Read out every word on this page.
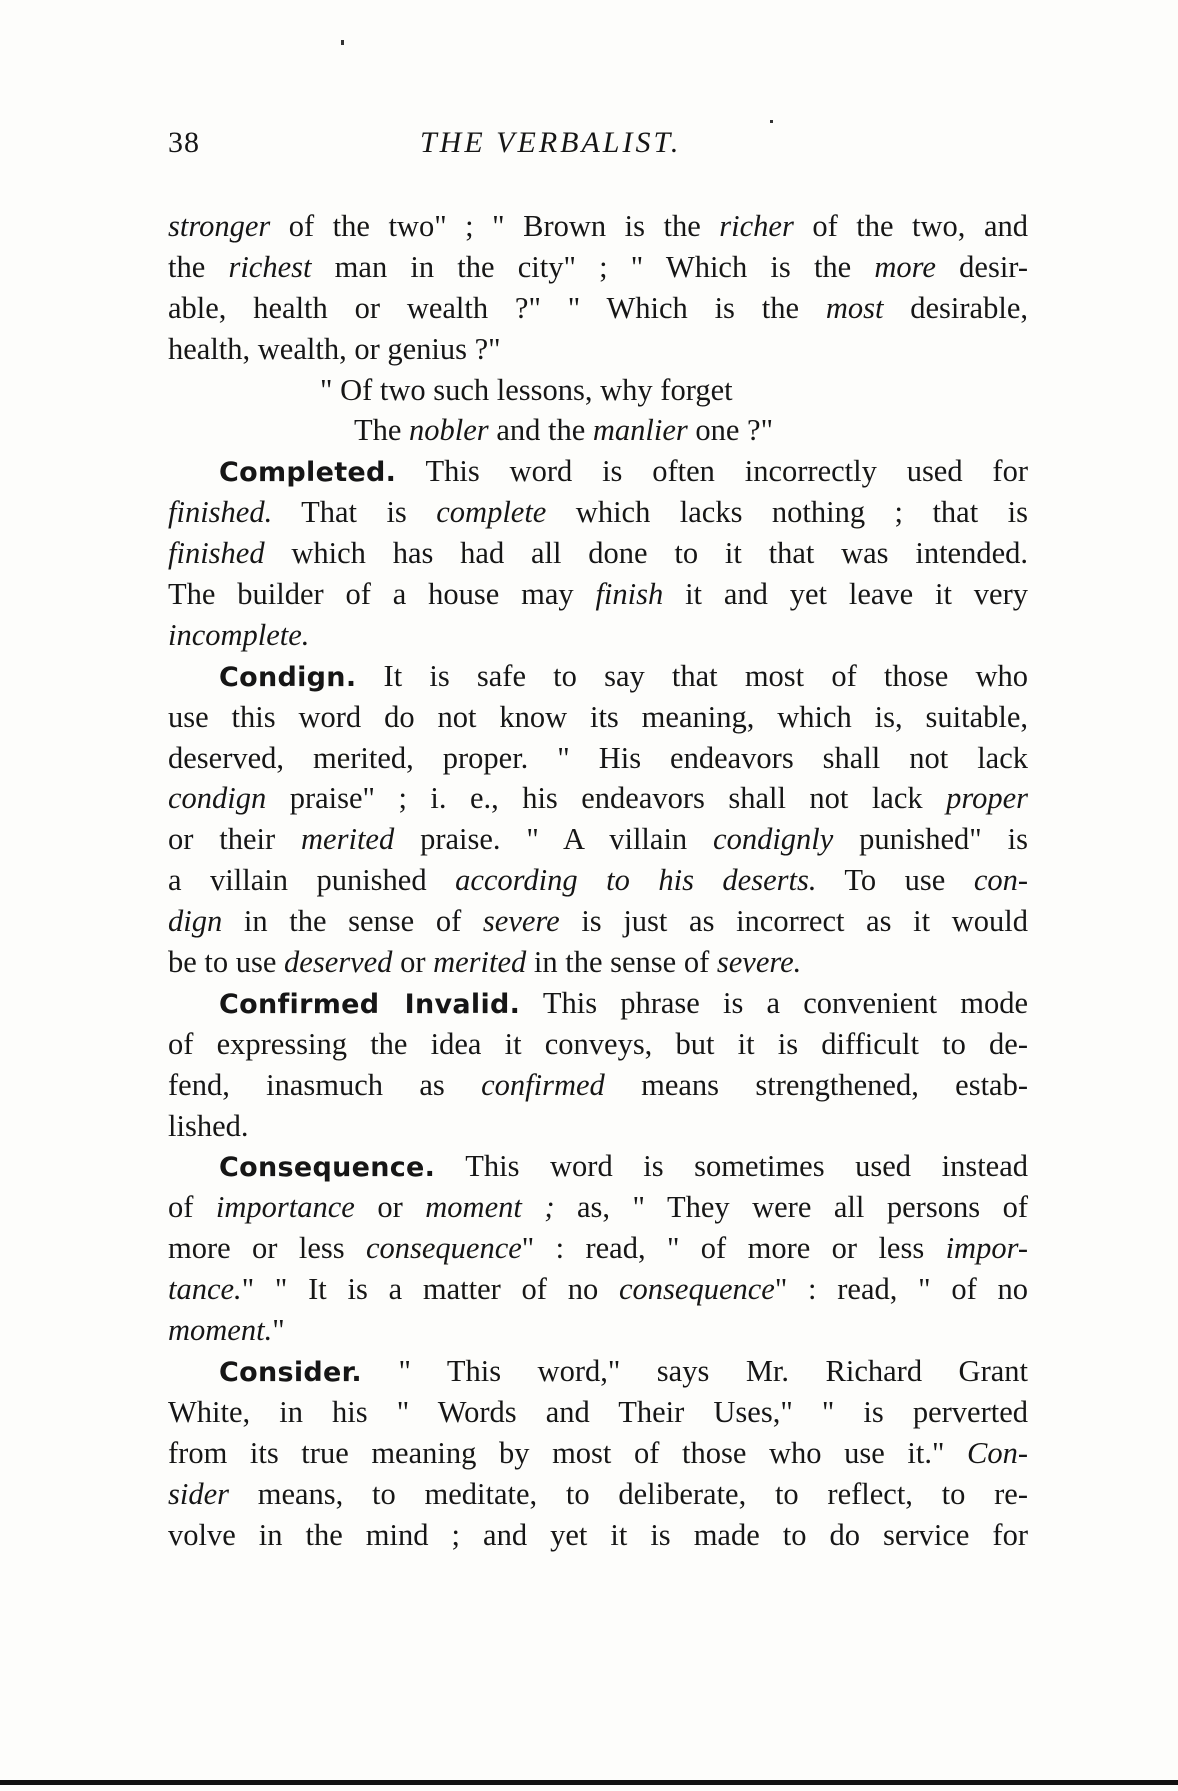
38	THE VERBALIST.
stronger of the two" ; " Brown is the richer of the two, and
the richest man in the city" ; " Which is the more desir-
able, health or wealth ?" " Which is the most desirable,
health, wealth, or genius ?"
" Of two such lessons, why forget
The nobler and the manlier one ?"
Completed. This word is often incorrectly used for
finished. That is complete which lacks nothing ; that is
finished which has had all done to it that was intended.
The builder of a house may finish it and yet leave it very
incomplete.
Condign. It is safe to say that most of those who
use this word do not know its meaning, which is, suitable,
deserved, merited, proper. " His endeavors shall not lack
condign praise" ; i. e., his endeavors shall not lack proper
or their merited praise. " A villain condignly punished" is
a villain punished according to his deserts. To use con-
dign in the sense of severe is just as incorrect as it would
be to use deserved or merited in the sense of severe.
Confirmed Invalid. This phrase is a convenient mode
of expressing the idea it conveys, but it is difficult to de-
fend, inasmuch as confirmed means strengthened, estab-
lished.
Consequence. This word is sometimes used instead
of importance or moment ; as, " They were all persons of
more or less consequence" : read, " of more or less impor-
tance." " It is a matter of no consequence" : read, " of no
moment."
Consider. " This word," says Mr. Richard Grant
White, in his " Words and Their Uses," " is perverted
from its true meaning by most of those who use it." Con-
sider means, to meditate, to deliberate, to reflect, to re-
volve in the mind ; and yet it is made to do service for
